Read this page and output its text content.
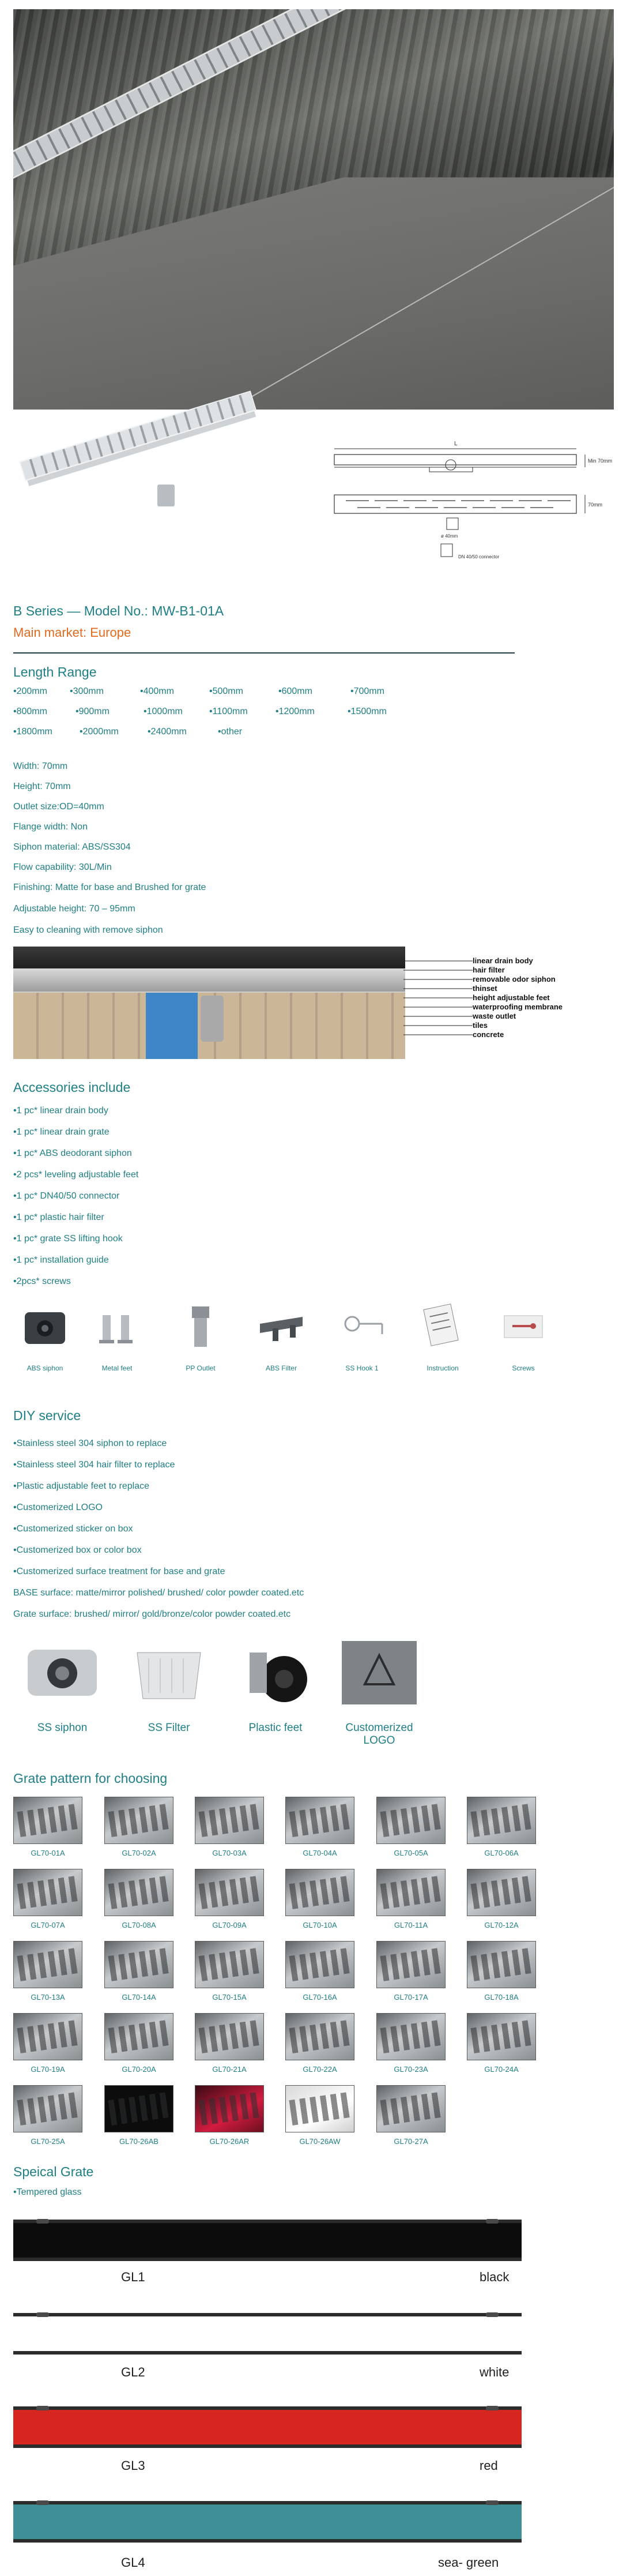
L
Min 70mm
70mm
ø 40mm
DN 40/50 connector
B Series — Model No.: MW-B1-01A
Main market: Europe
Length Range
•200mm •300mm	•400mm	•500mm	•600mm	•700mm
•800mm	•900mm	•1000mm	•1100mm	•1200mm	•1500mm
•1800mm	•2000mm	•2400mm	•other

Width: 70mm

Height: 70mm

Outlet size:OD=40mm

Flange width: Non

Siphon material: ABS/SS304

Flow capability: 30L/Min

Finishing: Matte for base and Brushed for grate

Adjustable height: 70 – 95mm

Easy to cleaning with remove siphon

linear drain body
hair filter
removable odor siphon
thinset
height adjustable feet
waterproofing membrane
waste outlet
tiles
concrete
Accessories include

•1 pc* linear drain body

•1 pc* linear drain grate

•1 pc* ABS deodorant siphon

•2 pcs* leveling adjustable feet

•1 pc* DN40/50 connector

•1 pc* plastic hair filter

•1 pc* grate SS lifting hook

•1 pc* installation guide

•2pcs* screws

ABS siphon	Metal feet	PP Outlet	ABS Filter	SS Hook 1	Instruction	Screws
DIY service

•Stainless steel 304 siphon to replace

•Stainless steel 304 hair filter to replace

•Plastic adjustable feet to replace

•Customerized LOGO

•Customerized sticker on box

•Customerized box or color box

•Customerized surface treatment for base and grate

BASE surface: matte/mirror polished/ brushed/ color powder coated.etc

Grate surface: brushed/ mirror/ gold/bronze/color powder coated.etc

SS siphon	SS Filter	Plastic feet	Customerized LOGO
Grate pattern for choosing
GL70-01A	GL70-02A	GL70-03A	GL70-04A	GL70-05A	GL70-06A
GL70-07A	GL70-08A	GL70-09A	GL70-10A	GL70-11A	GL70-12A
GL70-13A	GL70-14A	GL70-15A	GL70-16A	GL70-17A	GL70-18A
GL70-19A	GL70-20A	GL70-21A	GL70-22A	GL70-23A	GL70-24A
GL70-25A	GL70-26AB	GL70-26AR	GL70-26AW	GL70-27A
Speical Grate
•Tempered glass
GL1	black
GL2	white
GL3	red
GL4	sea- green
